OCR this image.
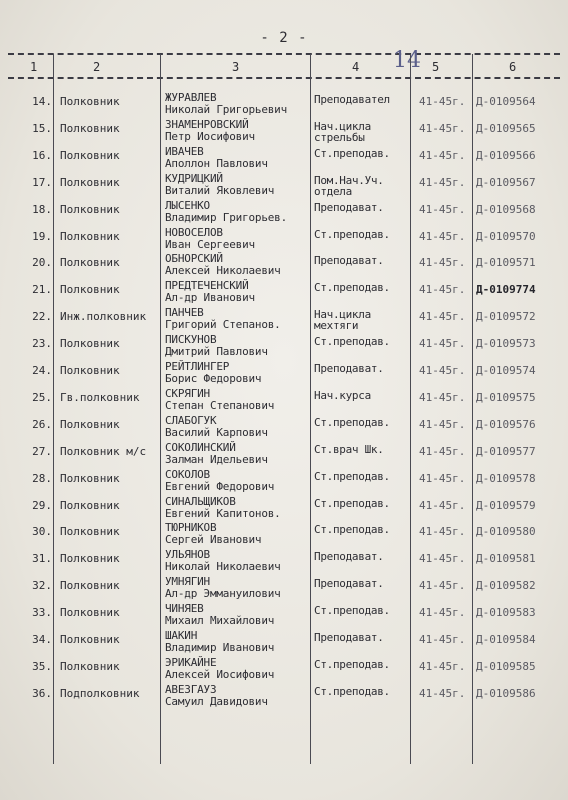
- 2 -
1	2	3	4	5	6
14
14. Полковник	ЖУРАВЛЕВ
Николай Григорьевич
Преподавател	41-45г. Д-0109564
15. Полковник	ЗНАМЕНРОВСКИЙ
Петр Иосифович
Нач.цикла
стрельбы
41-45г. Д-0109565
16. Полковник	ИВАЧЕВ
Аполлон Павлович
Ст.преподав.	41-45г. Д-0109566
17. Полковник	КУДРИЦКИЙ
Виталий Яковлевич
Пом.Нач.Уч.
отдела
41-45г. Д-0109567
18. Полковник	ЛЫСЕНКО
Владимир Григорьев.
Преподават.	41-45г. Д-0109568
19. Полковник	НОВОСЕЛОВ
Иван Сергеевич
Ст.преподав.	41-45г. Д-0109570
20. Полковник	ОБНОРСКИЙ
Алексей Николаевич
Преподават.	41-45г. Д-0109571
21. Полковник	ПРЕДТЕЧЕНСКИЙ
Ал-др Иванович
Ст.преподав.	41-45г. Д-0109774
22. Инж.полковник ПАНЧЕВ
Григорий Степанов.
Нач.цикла
мехтяги
41-45г. Д-0109572
23. Полковник	ПИСКУНОВ
Дмитрий Павлович
Ст.преподав.	41-45г. Д-0109573
24. Полковник	РЕЙТЛИНГЕР
Борис Федорович
Преподават.	41-45г. Д-0109574
25. Гв.полковник СКРЯГИН
Степан Степанович
Нач.курса	41-45г. Д-0109575
26. Полковник	СЛАБОГУК
Василий Карпович
Ст.преподав.	41-45г. Д-0109576
27. Полковник м/с СОКОЛИНСКИЙ
Залман Идельевич
Ст.врач Шк.	41-45г. Д-0109577
28. Полковник	СОКОЛОВ
Евгений Федорович
Ст.преподав.	41-45г. Д-0109578
29. Полковник	СИНАЛЬЩИКОВ
Евгений Капитонов.
Ст.преподав.	41-45г. Д-0109579
30. Полковник	ТЮРНИКОВ
Сергей Иванович
Ст.преподав.	41-45г. Д-0109580
31. Полковник	УЛЬЯНОВ
Николай Николаевич
Преподават.	41-45г. Д-0109581
32. Полковник	УМНЯГИН
Ал-др Эммануилович
Преподават.	41-45г. Д-0109582
33. Полковник	ЧИНЯЕВ
Михаил Михайлович
Ст.преподав.	41-45г. Д-0109583
34. Полковник	ШАКИН
Владимир Иванович
Преподават.	41-45г. Д-0109584
35. Полковник	ЭРИКАЙНЕ
Алексей Иосифович
Ст.преподав.	41-45г. Д-0109585
36. Подполковник АВЕЗГАУЗ
Самуил Давидович
Ст.преподав.	41-45г. Д-0109586
